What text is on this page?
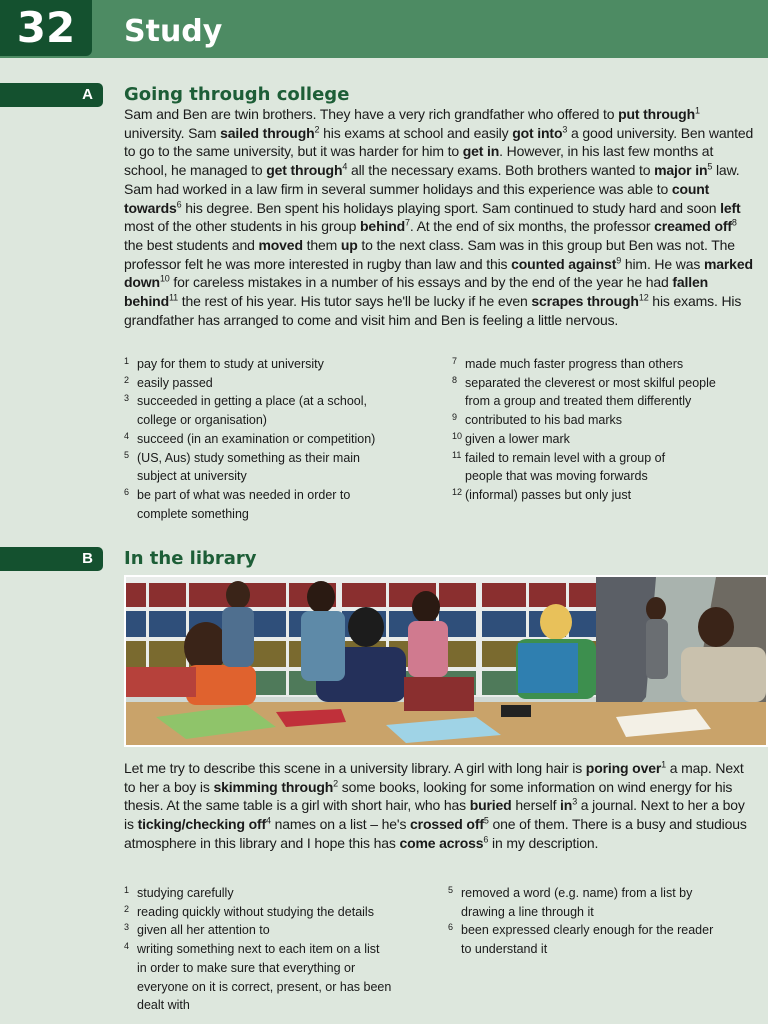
32	Study
A	Going through college
Sam and Ben are twin brothers. They have a very rich grandfather who offered to put through$^1$ university. Sam sailed through$^2$ his exams at school and easily got into$^3$ a good university. Ben wanted to go to the same university, but it was harder for him to get in. However, in his last few months at school, he managed to get through$^4$ all the necessary exams. Both brothers wanted to major $in^5$ law. Sam had worked in a law firm in several summer holidays and this experience was able to count towards$^6$ his degree. Ben spent his holidays playing sport. Sam continued to study hard and soon left most of the other students in his group behind$^7$. At the end of six months, the professor creamed off$^8$ the best students and moved them up to the next class. Sam was in this group but Ben was not. The professor felt he was more interested in rugby than law and this counted against$^9$ him. He was marked down$^{10}$ for careless mistakes in a number of his essays and by the end of the year he had fallen behind$^{11}$ the rest of his year. His tutor says he'll be lucky if he even scrapes through$^{12}$ his exams. His grandfather has arranged to come and visit him and Ben is feeling a little nervous.
1 pay for them to study at university
2 easily passed
3 succeeded in getting a place (at a school,
college or organisation)
4 succeed (in an examination or competition)
5 (US, Aus) study something as their main
subject at university
6 be part of what was needed in order to
complete something
7 made much faster progress than others
8 separated the cleverest or most skilful people
from a group and treated them differently
9 contributed to his bad marks
10 given a lower mark
11 failed to remain level with a group of
people that was moving forwards
12 (informal) passes but only just
B	In the library
Let me try to describe this scene in a university library. A girl with long hair is poring over$^1$ a map. Next to her a boy is skimming through$^2$ some books, looking for some information on wind energy for his thesis. At the same table is a girl with short hair, who has buried herself $in^3$ a journal. Next to her a boy is ticking/checking off$^4$ names on a list – he's crossed off$^5$ one of them. There is a busy and studious atmosphere in this library and I hope this has come across$^6$ in my description.
1 studying carefully
2 reading quickly without studying the details
3 given all her attention to
4 writing something next to each item on a list
in order to make sure that everything or
everyone on it is correct, present, or has been
dealt with
5 removed a word (e.g. name) from a list by
drawing a line through it
6 been expressed clearly enough for the reader
to understand it
